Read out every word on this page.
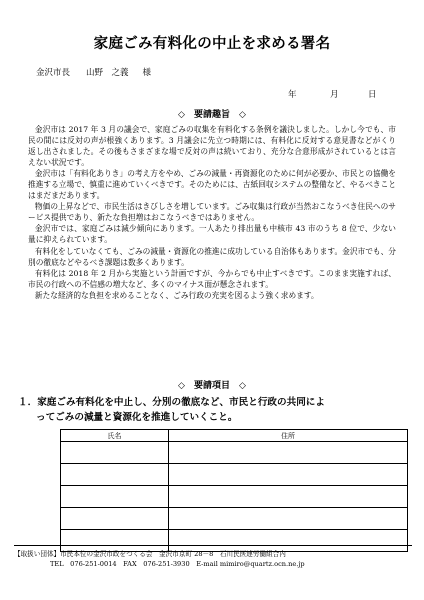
家庭ごみ有料化の中止を求める署名
金沢市長 山野　之義 様
年	月	日
◇　 要請趣旨　 ◇

金沢市は 2017 年 3 月の議会で、家庭ごみの収集を有料化する条例を議決しました。しかし今でも、市民の間には反対の声が根強くあります。3 月議会に先立つ時期には、有料化に反対する意見書などがくり返し出されました。その後もさまざまな場で反対の声は続いており、充分な合意形成がされているとは言えない状況です。

金沢市は「有料化ありき」の考え方をやめ、ごみの減量・再資源化のために何が必要か、市民との協働を推進する立場で、慎重に進めていくべきです。そのためには、古紙回収システムの整備など、やるべきことはまだまだあります。

物価の上昇などで、市民生活はきびしさを増しています。ごみ収集は行政が当然おこなうべき住民へのサービス提供であり、新たな負担増はおこなうべきではありません。

金沢市では、家庭ごみは減少傾向にあります。一人あたり排出量も中核市 43 市のうち 8 位で、少ない量に抑えられています。

有料化をしていなくても、ごみの減量・資源化の推進に成功している自治体もあります。金沢市でも、分別の徹底などやるべき課題は数多くあります。

有料化は 2018 年 2 月から実施という計画ですが、今からでも中止すべきです。このまま実施すれば、市民の行政への不信感の増大など、多くのマイナス面が懸念されます。

新たな経済的な負担を求めることなく、ごみ行政の充実を図るよう強く求めます。

◇　 要請項目　 ◇
１．家庭ごみ有料化を中止し、分別の徹底など、市民と行政の共同によ
ってごみの減量と資源化を推進していくこと。
氏名	住所

【取扱い団体】市民本位の金沢市政をつくる会　金沢市京町 28－8　石川民医連労働組合内
TEL　076-251-0014　FAX　076-251-3930　E-mail mimiro@quartz.ocn.ne.jp
